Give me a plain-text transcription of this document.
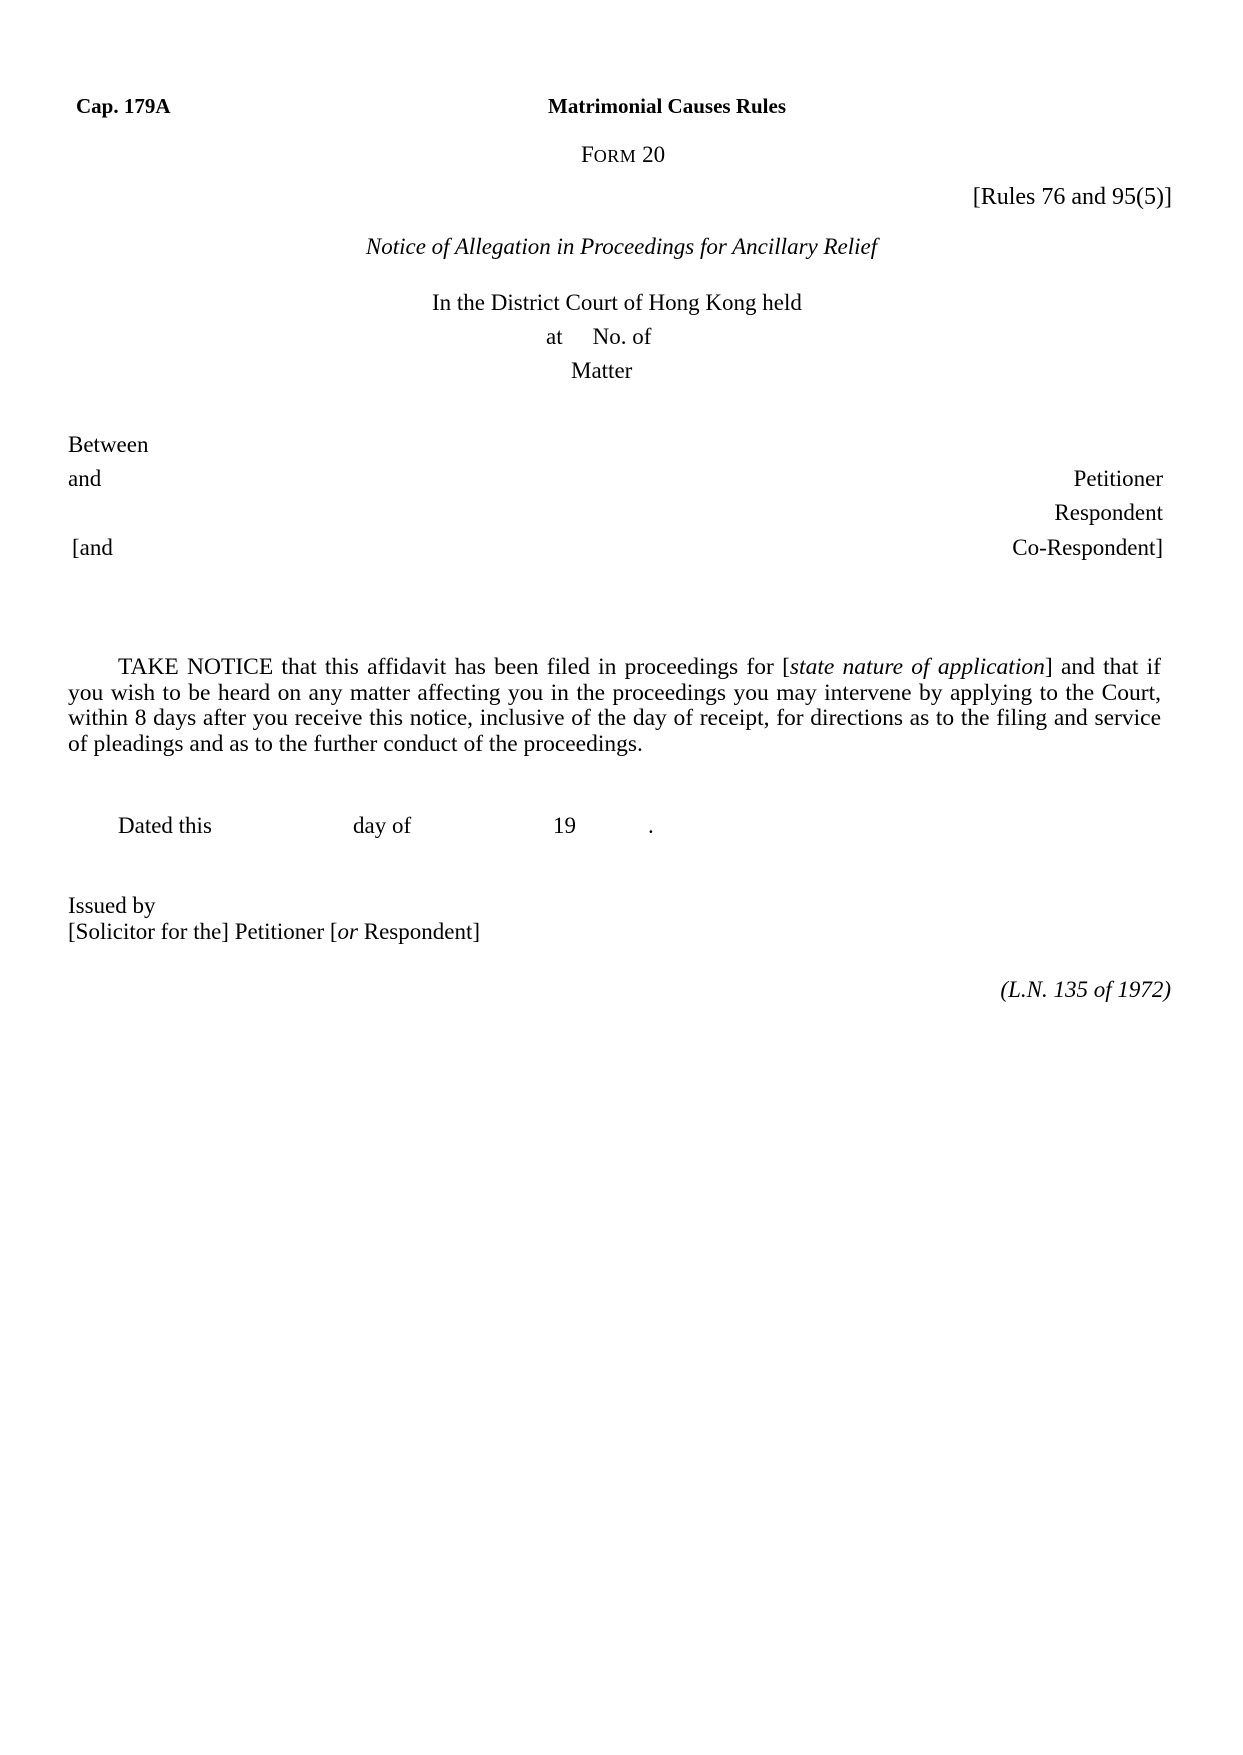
Cap. 179A	Matrimonial Causes Rules
FORM 20
[Rules 76 and 95(5)]
Notice of Allegation in Proceedings for Ancillary Relief
In the District Court of Hong Kong held
at No. of
Matter
Between
and	Petitioner
Respondent
[and	Co-Respondent]
TAKE NOTICE that this affidavit has been filed in proceedings for [state nature of application] and that if you wish to be heard on any matter affecting you in the proceedings you may intervene by applying to the Court, within 8 days after you receive this notice, inclusive of the day of receipt, for directions as to the filing and service of pleadings and as to the further conduct of the proceedings.
Dated this	day of	19	.
Issued by
[Solicitor for the] Petitioner [or Respondent]
(L.N. 135 of 1972)
